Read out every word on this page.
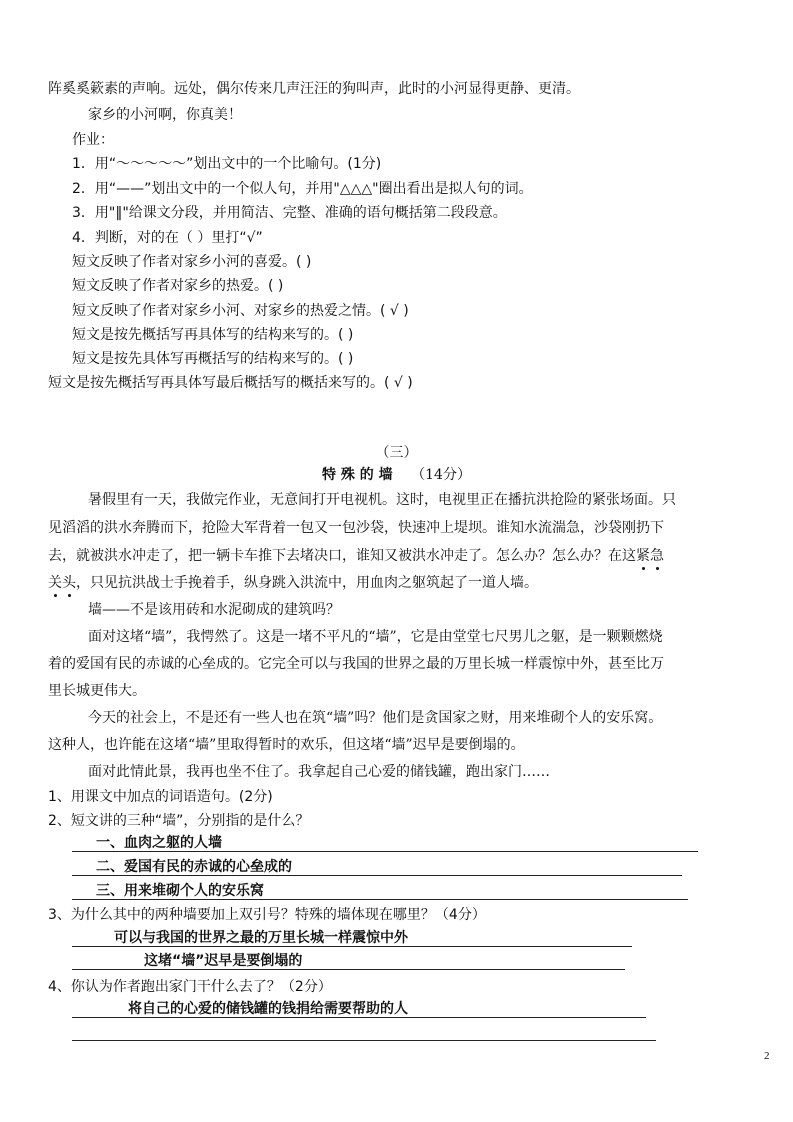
阵奚奚簌素的声响。远处，偶尔传来几声汪汪的狗叫声，此时的小河显得更静、更清。
家乡的小河啊，你真美！
作业：
1．用“～～～～～”划出文中的一个比喻句。(1分)
2．用“——”划出文中的一个似人句，并用"△△△"圈出看出是拟人句的词。
3．用"‖"给课文分段，并用简洁、完整、准确的语句概括第二段段意。
4．判断，对的在（ ）里打“√”
短文反映了作者对家乡小河的喜爱。( )
短文反映了作者对家乡的热爱。( )
短文反映了作者对家乡小河、对家乡的热爱之情。( √ )
短文是按先概括写再具体写的结构来写的。( )
短文是按先具体写再概括写的结构来写的。( )
短文是按先概括写再具体写最后概括写的概括来写的。( √ )
（三）
特 殊 的 墙 （14分）
暑假里有一天，我做完作业，无意间打开电视机。这时，电视里正在播抗洪抢险的紧张场面。只
见滔滔的洪水奔腾而下，抢险大军背着一包又一包沙袋，快速冲上堤坝。谁知水流湍急，沙袋刚扔下
去，就被洪水冲走了，把一辆卡车推下去堵决口，谁知又被洪水冲走了。怎么办？怎么办？在这紧急
关头，只见抗洪战士手挽着手，纵身跳入洪流中，用血肉之躯筑起了一道人墙。
墙——不是该用砖和水泥砌成的建筑吗？
面对这堵“墙”，我愕然了。这是一堵不平凡的“墙”，它是由堂堂七尺男儿之躯，是一颗颗燃烧
着的爱国有民的赤诚的心垒成的。它完全可以与我国的世界之最的万里长城一样震惊中外，甚至比万
里长城更伟大。
今天的社会上，不是还有一些人也在筑“墙”吗？他们是贪国家之财，用来堆砌个人的安乐窝。
这种人，也许能在这堵“墙”里取得暂时的欢乐，但这堵“墙”迟早是要倒塌的。
面对此情此景，我再也坐不住了。我拿起自己心爱的储钱罐，跑出家门……
1、用课文中加点的词语造句。(2分)
2、短文讲的三种“墙”，分别指的是什么？
一、血肉之躯的人墙
二、爱国有民的赤诚的心垒成的
三、用来堆砌个人的安乐窝
3、为什么其中的两种墙要加上双引号？特殊的墙体现在哪里？（4分）
可以与我国的世界之最的万里长城一样震惊中外
这堵“墙”迟早是要倒塌的
4、你认为作者跑出家门干什么去了？（2分）
将自己的心爱的储钱罐的钱捐给需要帮助的人
2
